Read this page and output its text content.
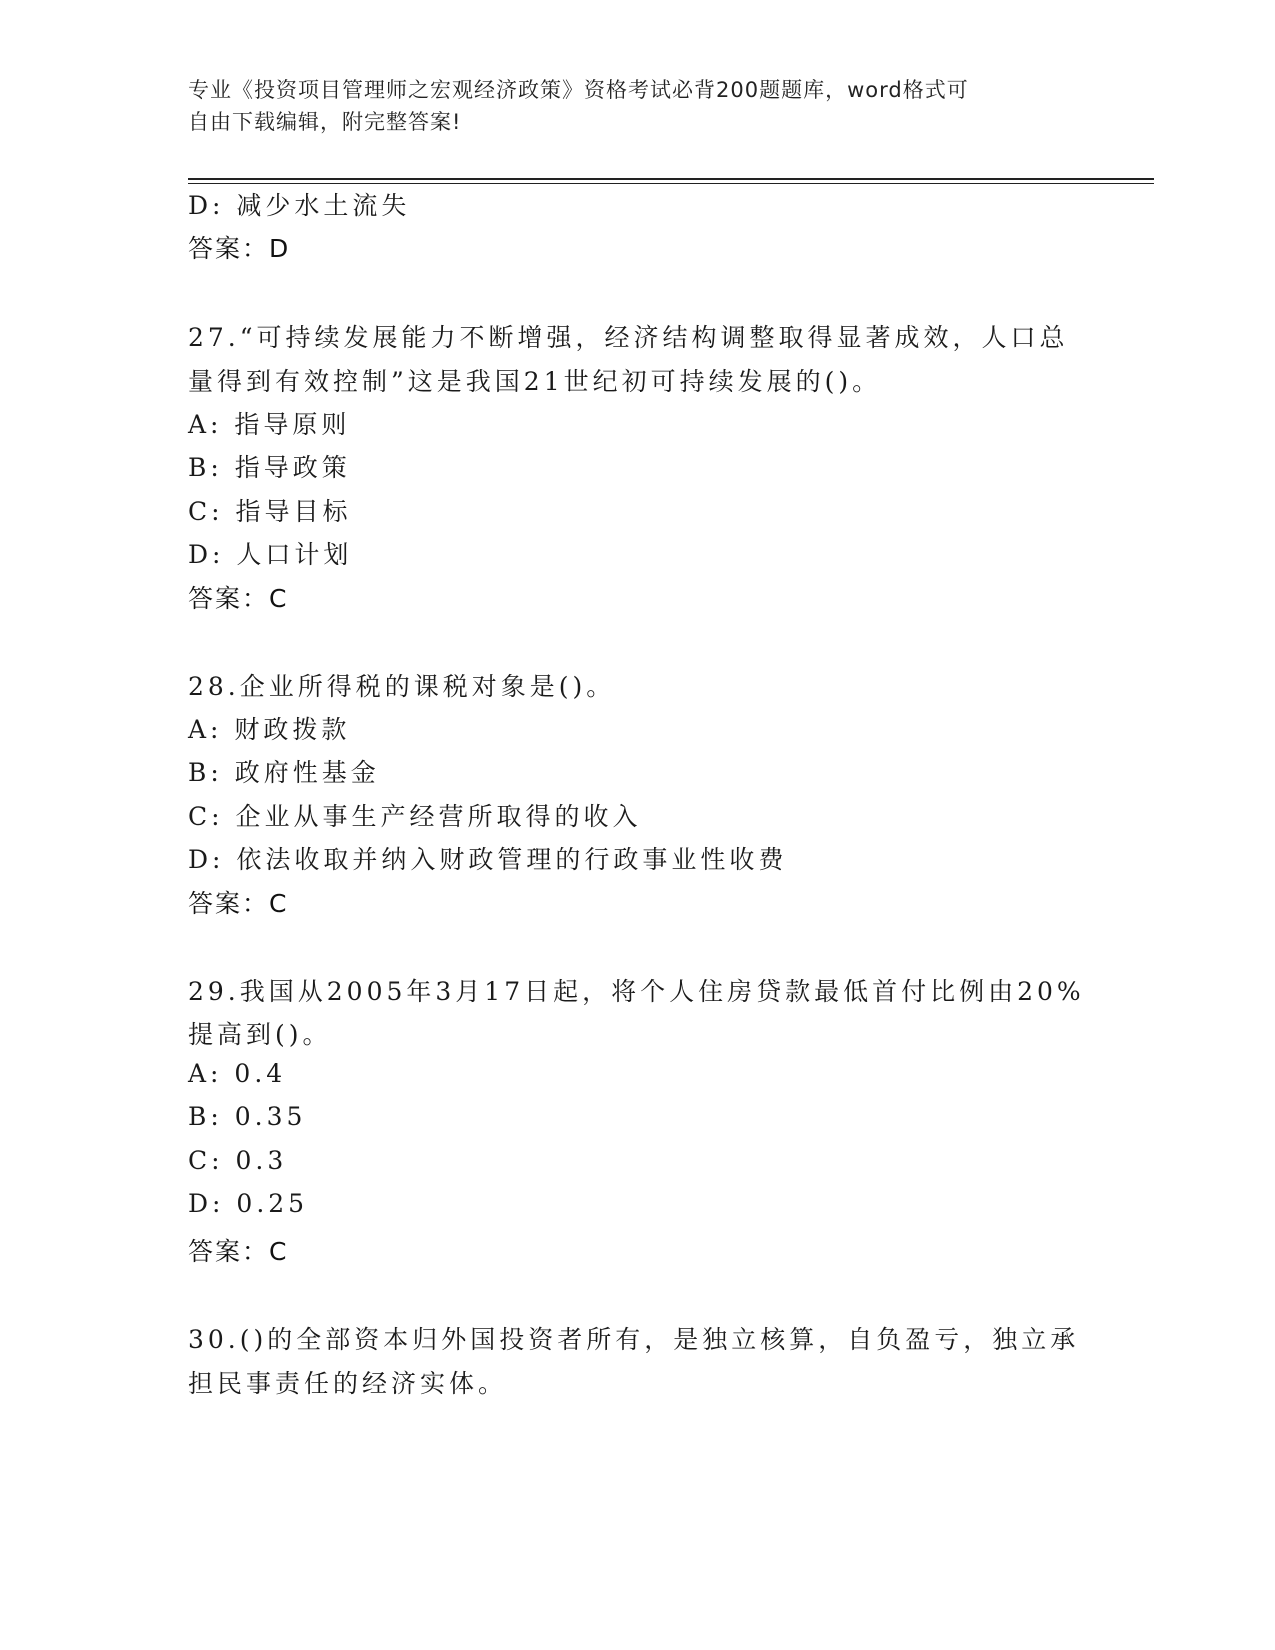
专业《投资项目管理师之宏观经济政策》资格考试必背200题题库，word格式可
自由下载编辑，附完整答案!
D: 减少水土流失
答案：D
27.“可持续发展能力不断增强，经济结构调整取得显著成效，人口总
量得到有效控制”这是我国21世纪初可持续发展的()。
A: 指导原则
B: 指导政策
C: 指导目标
D: 人口计划
答案：C
28.企业所得税的课税对象是()。
A: 财政拨款
B: 政府性基金
C: 企业从事生产经营所取得的收入
D: 依法收取并纳入财政管理的行政事业性收费
答案：C
29.我国从2005年3月17日起，将个人住房贷款最低首付比例由20%
提高到()。
A: 0.4
B: 0.35
C: 0.3
D: 0.25
答案：C
30.()的全部资本归外国投资者所有，是独立核算，自负盈亏，独立承
担民事责任的经济实体。
